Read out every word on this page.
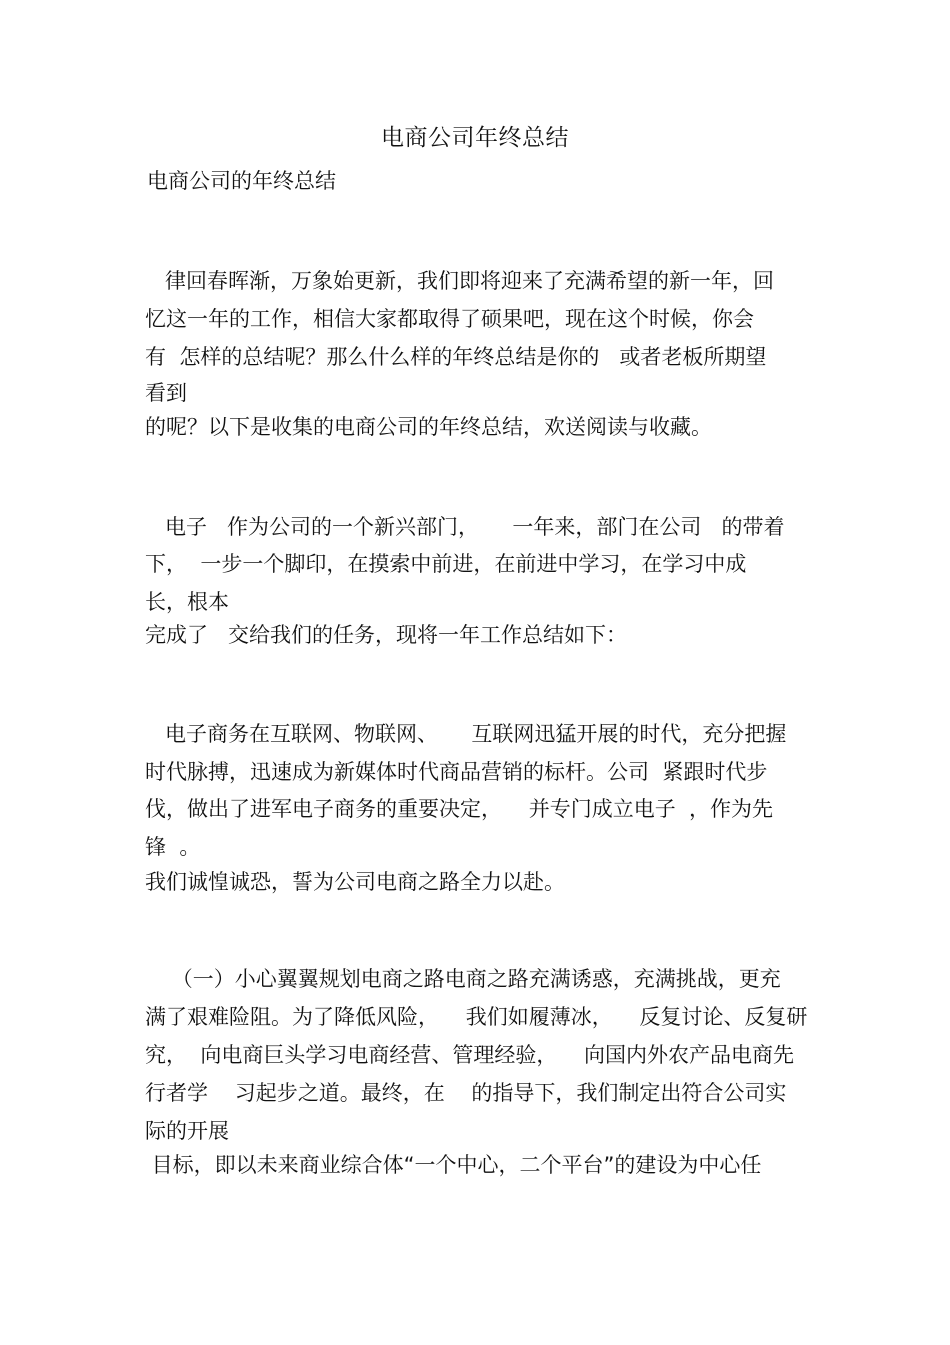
电商公司年终总结
电商公司的年终总结
律回春晖渐，万象始更新，我们即将迎来了充满希望的新一年，回
忆这一年的工作，相信大家都取得了硕果吧，现在这个时候，你会
有  怎样的总结呢？那么什么样的年终总结是你的   或者老板所期望
看到
的呢？以下是收集的电商公司的年终总结，欢送阅读与收藏。
电子   作为公司的一个新兴部门，     一年来，部门在公司   的带着
下，  一步一个脚印，在摸索中前进，在前进中学习，在学习中成
长，根本
完成了   交给我们的任务，现将一年工作总结如下：
电子商务在互联网、物联网、     互联网迅猛开展的时代，充分把握
时代脉搏，迅速成为新媒体时代商品营销的标杆。公司  紧跟时代步
伐，做出了进军电子商务的重要决定，    并专门成立电子  ，作为先
锋  。
我们诚惶诚恐，誓为公司电商之路全力以赴。
（一）小心翼翼规划电商之路电商之路充满诱惑，充满挑战，更充
满了艰难险阻。为了降低风险，    我们如履薄冰，    反复讨论、反复研
究，  向电商巨头学习电商经营、管理经验，    向国内外农产品电商先
行者学    习起步之道。最终，在    的指导下，我们制定出符合公司实
际的开展
目标，即以未来商业综合体“一个中心，二个平台”的建设为中心任
